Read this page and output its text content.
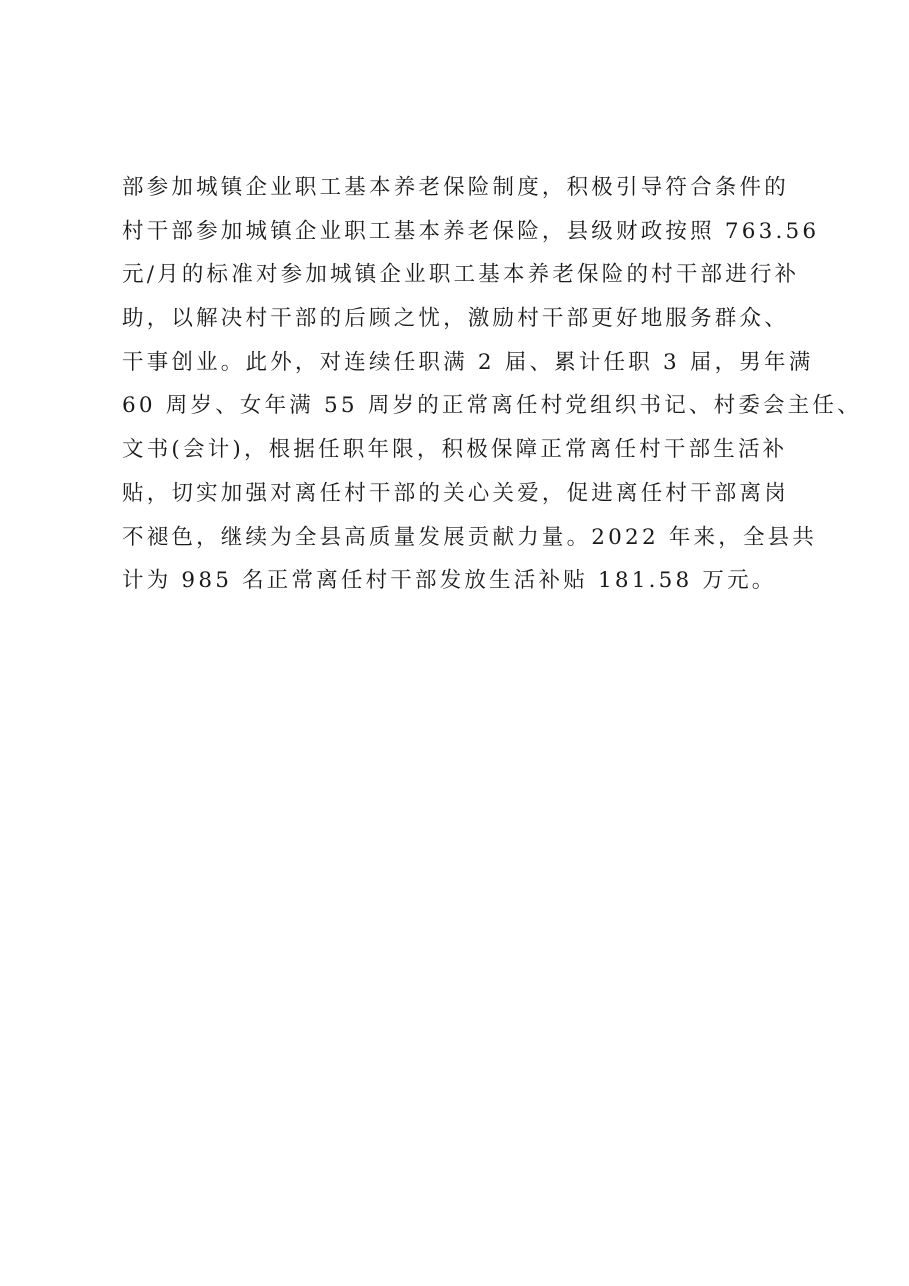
部参加城镇企业职工基本养老保险制度，积极引导符合条件的
村干部参加城镇企业职工基本养老保险，县级财政按照 763.56
元/月的标准对参加城镇企业职工基本养老保险的村干部进行补
助，以解决村干部的后顾之忧，激励村干部更好地服务群众、
干事创业。此外，对连续任职满 2 届、累计任职 3 届，男年满
60 周岁、女年满 55 周岁的正常离任村党组织书记、村委会主任、
文书(会计)，根据任职年限，积极保障正常离任村干部生活补
贴，切实加强对离任村干部的关心关爱，促进离任村干部离岗
不褪色，继续为全县高质量发展贡献力量。2022 年来，全县共
计为 985 名正常离任村干部发放生活补贴 181.58 万元。
